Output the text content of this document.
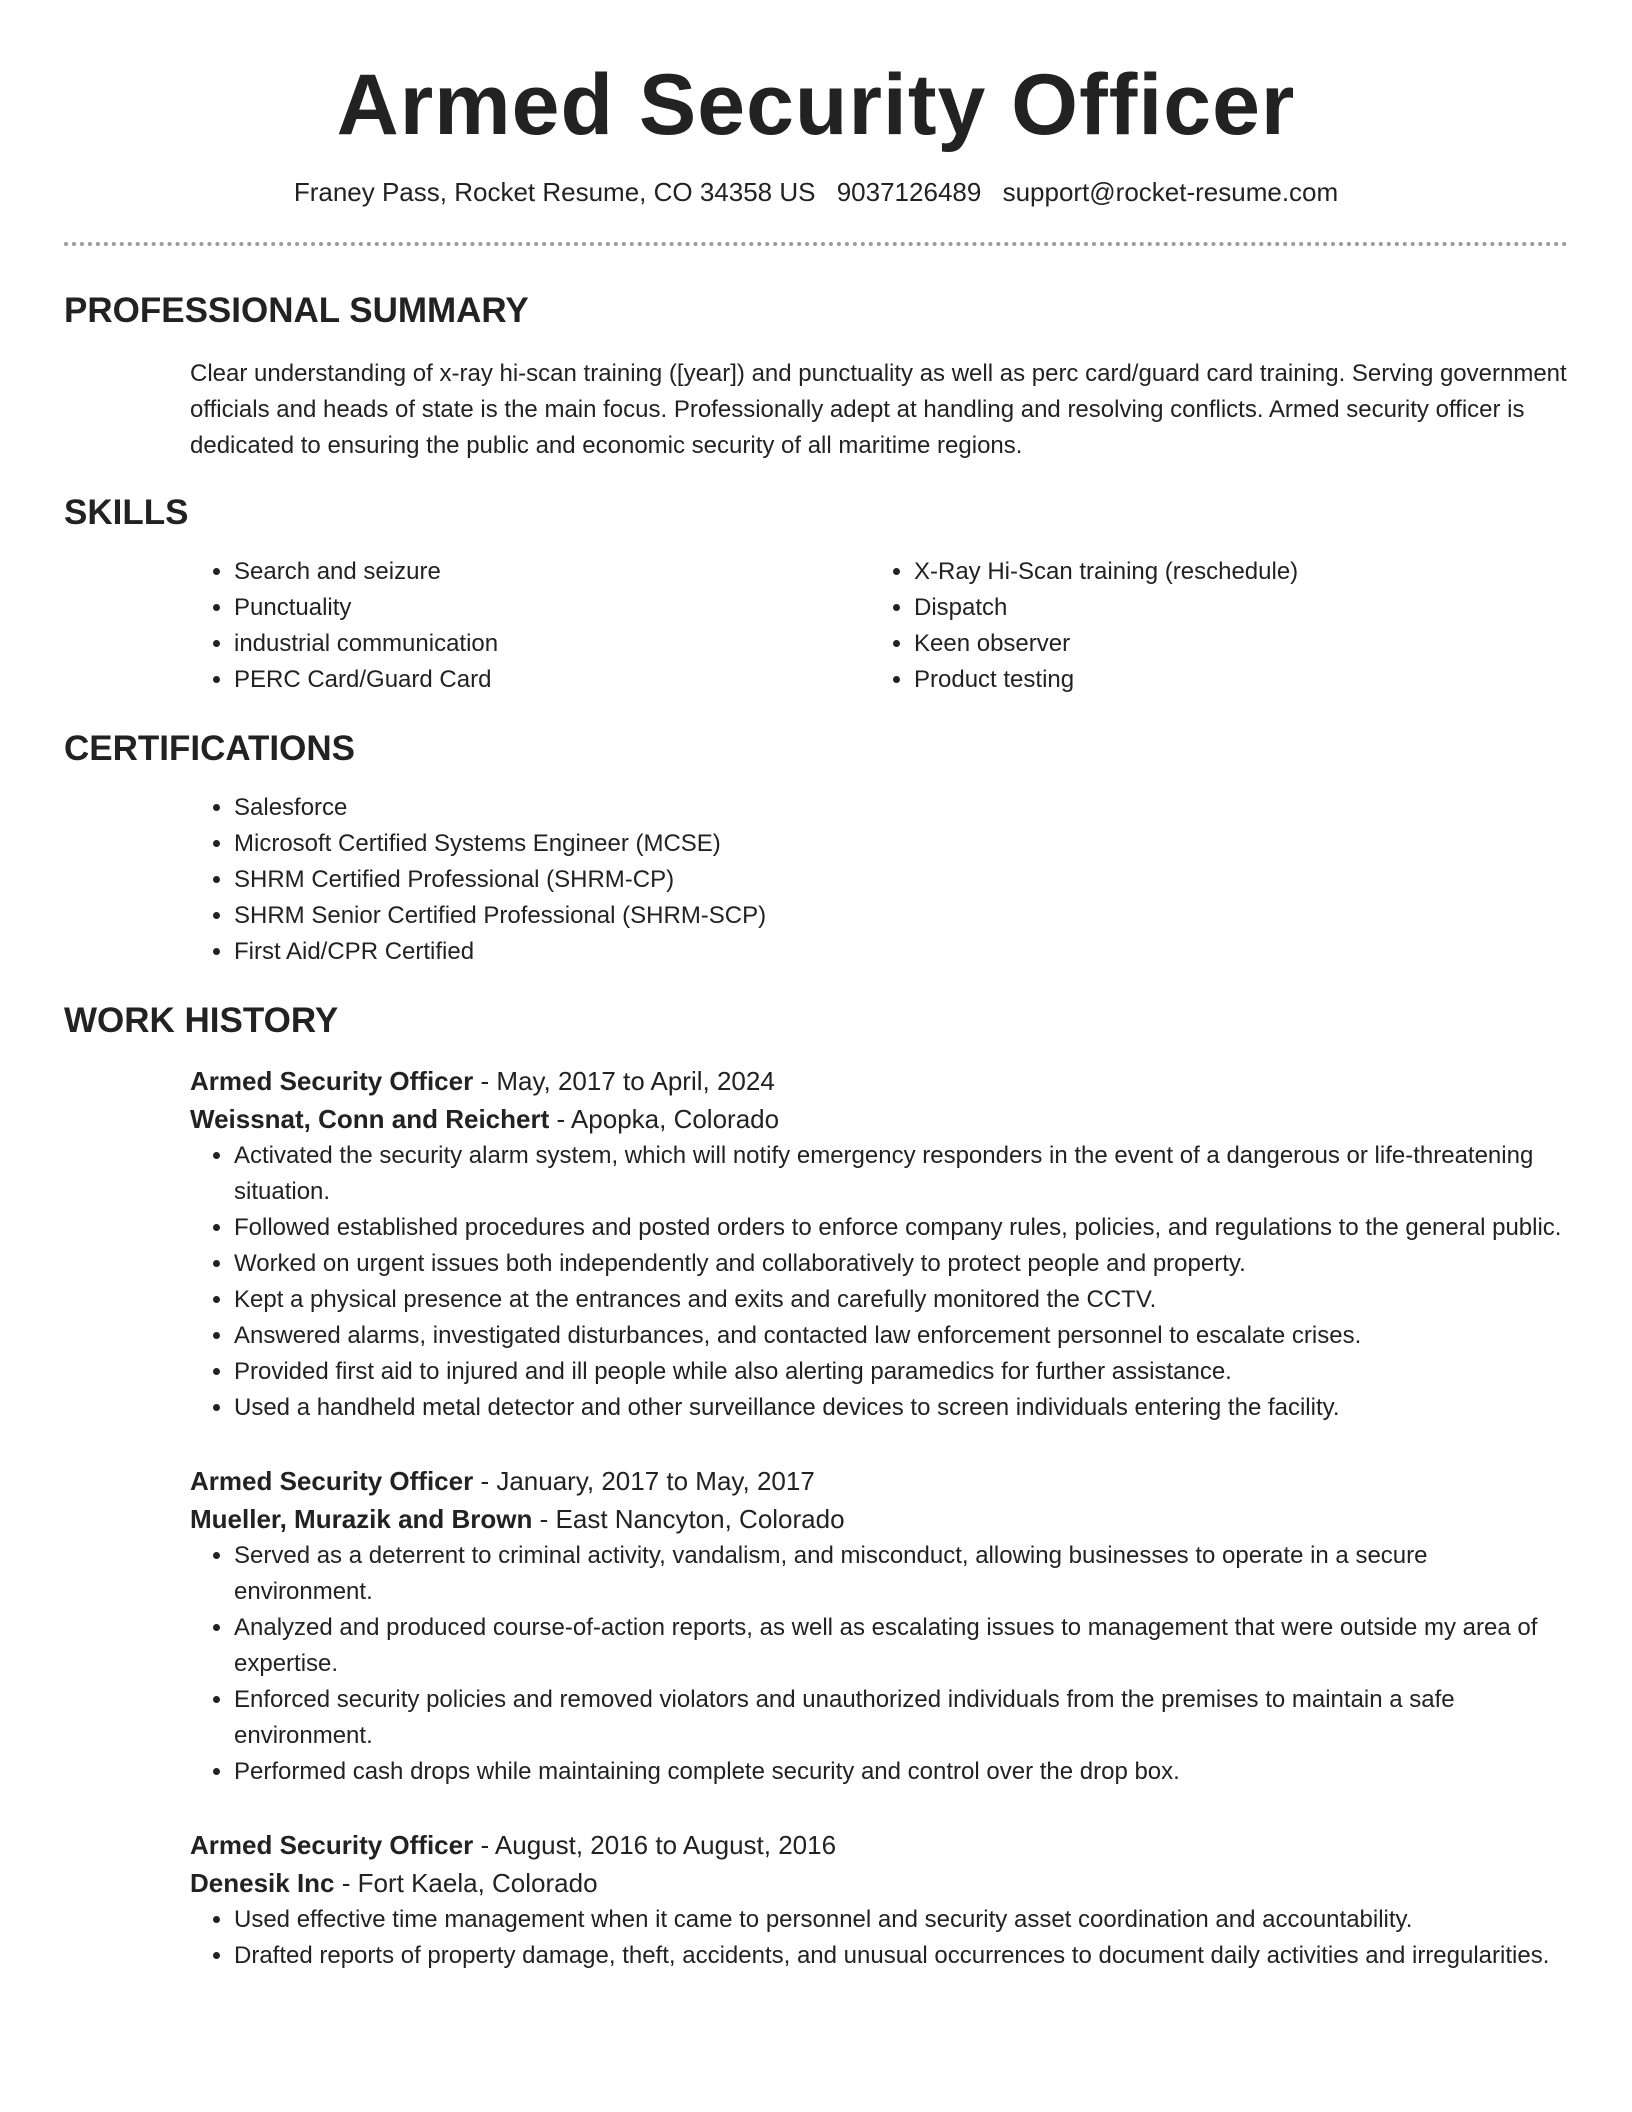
Armed Security Officer
Franey Pass, Rocket Resume, CO 34358 US 9037126489 support@rocket-resume.com
PROFESSIONAL SUMMARY

Clear understanding of x-ray hi-scan training ([year]) and punctuality as well as perc card/guard card training. Serving government officials and heads of state is the main focus. Professionally adept at handling and resolving conflicts. Armed security officer is dedicated to ensuring the public and economic security of all maritime regions.

SKILLS
• Search and seizure
• Punctuality
• industrial communication
• PERC Card/Guard Card
• X-Ray Hi-Scan training (reschedule)
• Dispatch
• Keen observer
• Product testing
CERTIFICATIONS
• Salesforce
• Microsoft Certified Systems Engineer (MCSE)
• SHRM Certified Professional (SHRM-CP)
• SHRM Senior Certified Professional (SHRM-SCP)
• First Aid/CPR Certified
WORK HISTORY
Armed Security Officer - May, 2017 to April, 2024
Weissnat, Conn and Reichert - Apopka, Colorado
• Activated the security alarm system, which will notify emergency responders in the event of a dangerous or life-threatening situation.
• Followed established procedures and posted orders to enforce company rules, policies, and regulations to the general public.
• Worked on urgent issues both independently and collaboratively to protect people and property.
• Kept a physical presence at the entrances and exits and carefully monitored the CCTV.
• Answered alarms, investigated disturbances, and contacted law enforcement personnel to escalate crises.
• Provided first aid to injured and ill people while also alerting paramedics for further assistance.
• Used a handheld metal detector and other surveillance devices to screen individuals entering the facility.
Armed Security Officer - January, 2017 to May, 2017
Mueller, Murazik and Brown - East Nancyton, Colorado
• Served as a deterrent to criminal activity, vandalism, and misconduct, allowing businesses to operate in a secure environment.
• Analyzed and produced course-of-action reports, as well as escalating issues to management that were outside my area of expertise.
• Enforced security policies and removed violators and unauthorized individuals from the premises to maintain a safe environment.
• Performed cash drops while maintaining complete security and control over the drop box.
Armed Security Officer - August, 2016 to August, 2016
Denesik Inc - Fort Kaela, Colorado
• Used effective time management when it came to personnel and security asset coordination and accountability.
• Drafted reports of property damage, theft, accidents, and unusual occurrences to document daily activities and irregularities.
